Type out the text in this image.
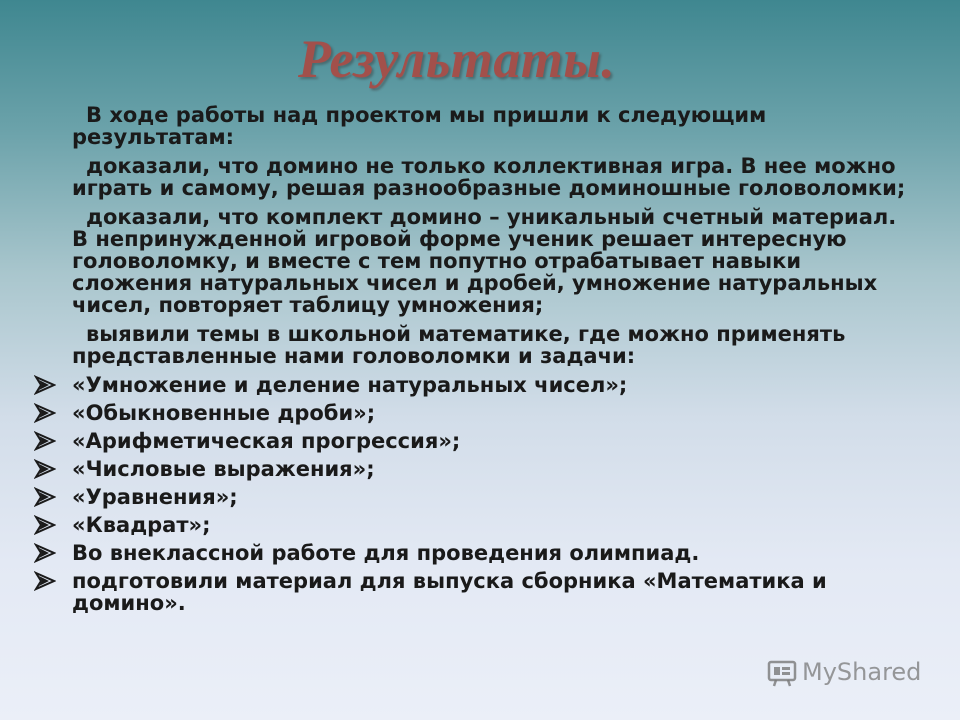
Результаты.

В ходе работы над проектом мы пришли к следующим результатам:

доказали, что домино не только коллективная игра. В нее можно играть и самому, решая разнообразные доминошные головоломки;

доказали, что комплект домино – уникальный счетный материал. В непринужденной игровой форме ученик решает интересную головоломку, и вместе с тем попутно отрабатывает навыки сложения натуральных чисел и дробей, умножение натуральных чисел, повторяет таблицу умножения;

выявили темы в школьной математике, где можно применять представленные нами головоломки и задачи:

«Умножение и деление натуральных чисел»;
«Обыкновенные дроби»;
«Арифметическая прогрессия»;
«Числовые выражения»;
«Уравнения»;
«Квадрат»;
Во внеклассной работе для проведения олимпиад.
подготовили материал для выпуска сборника «Математика и домино».
MyShared
